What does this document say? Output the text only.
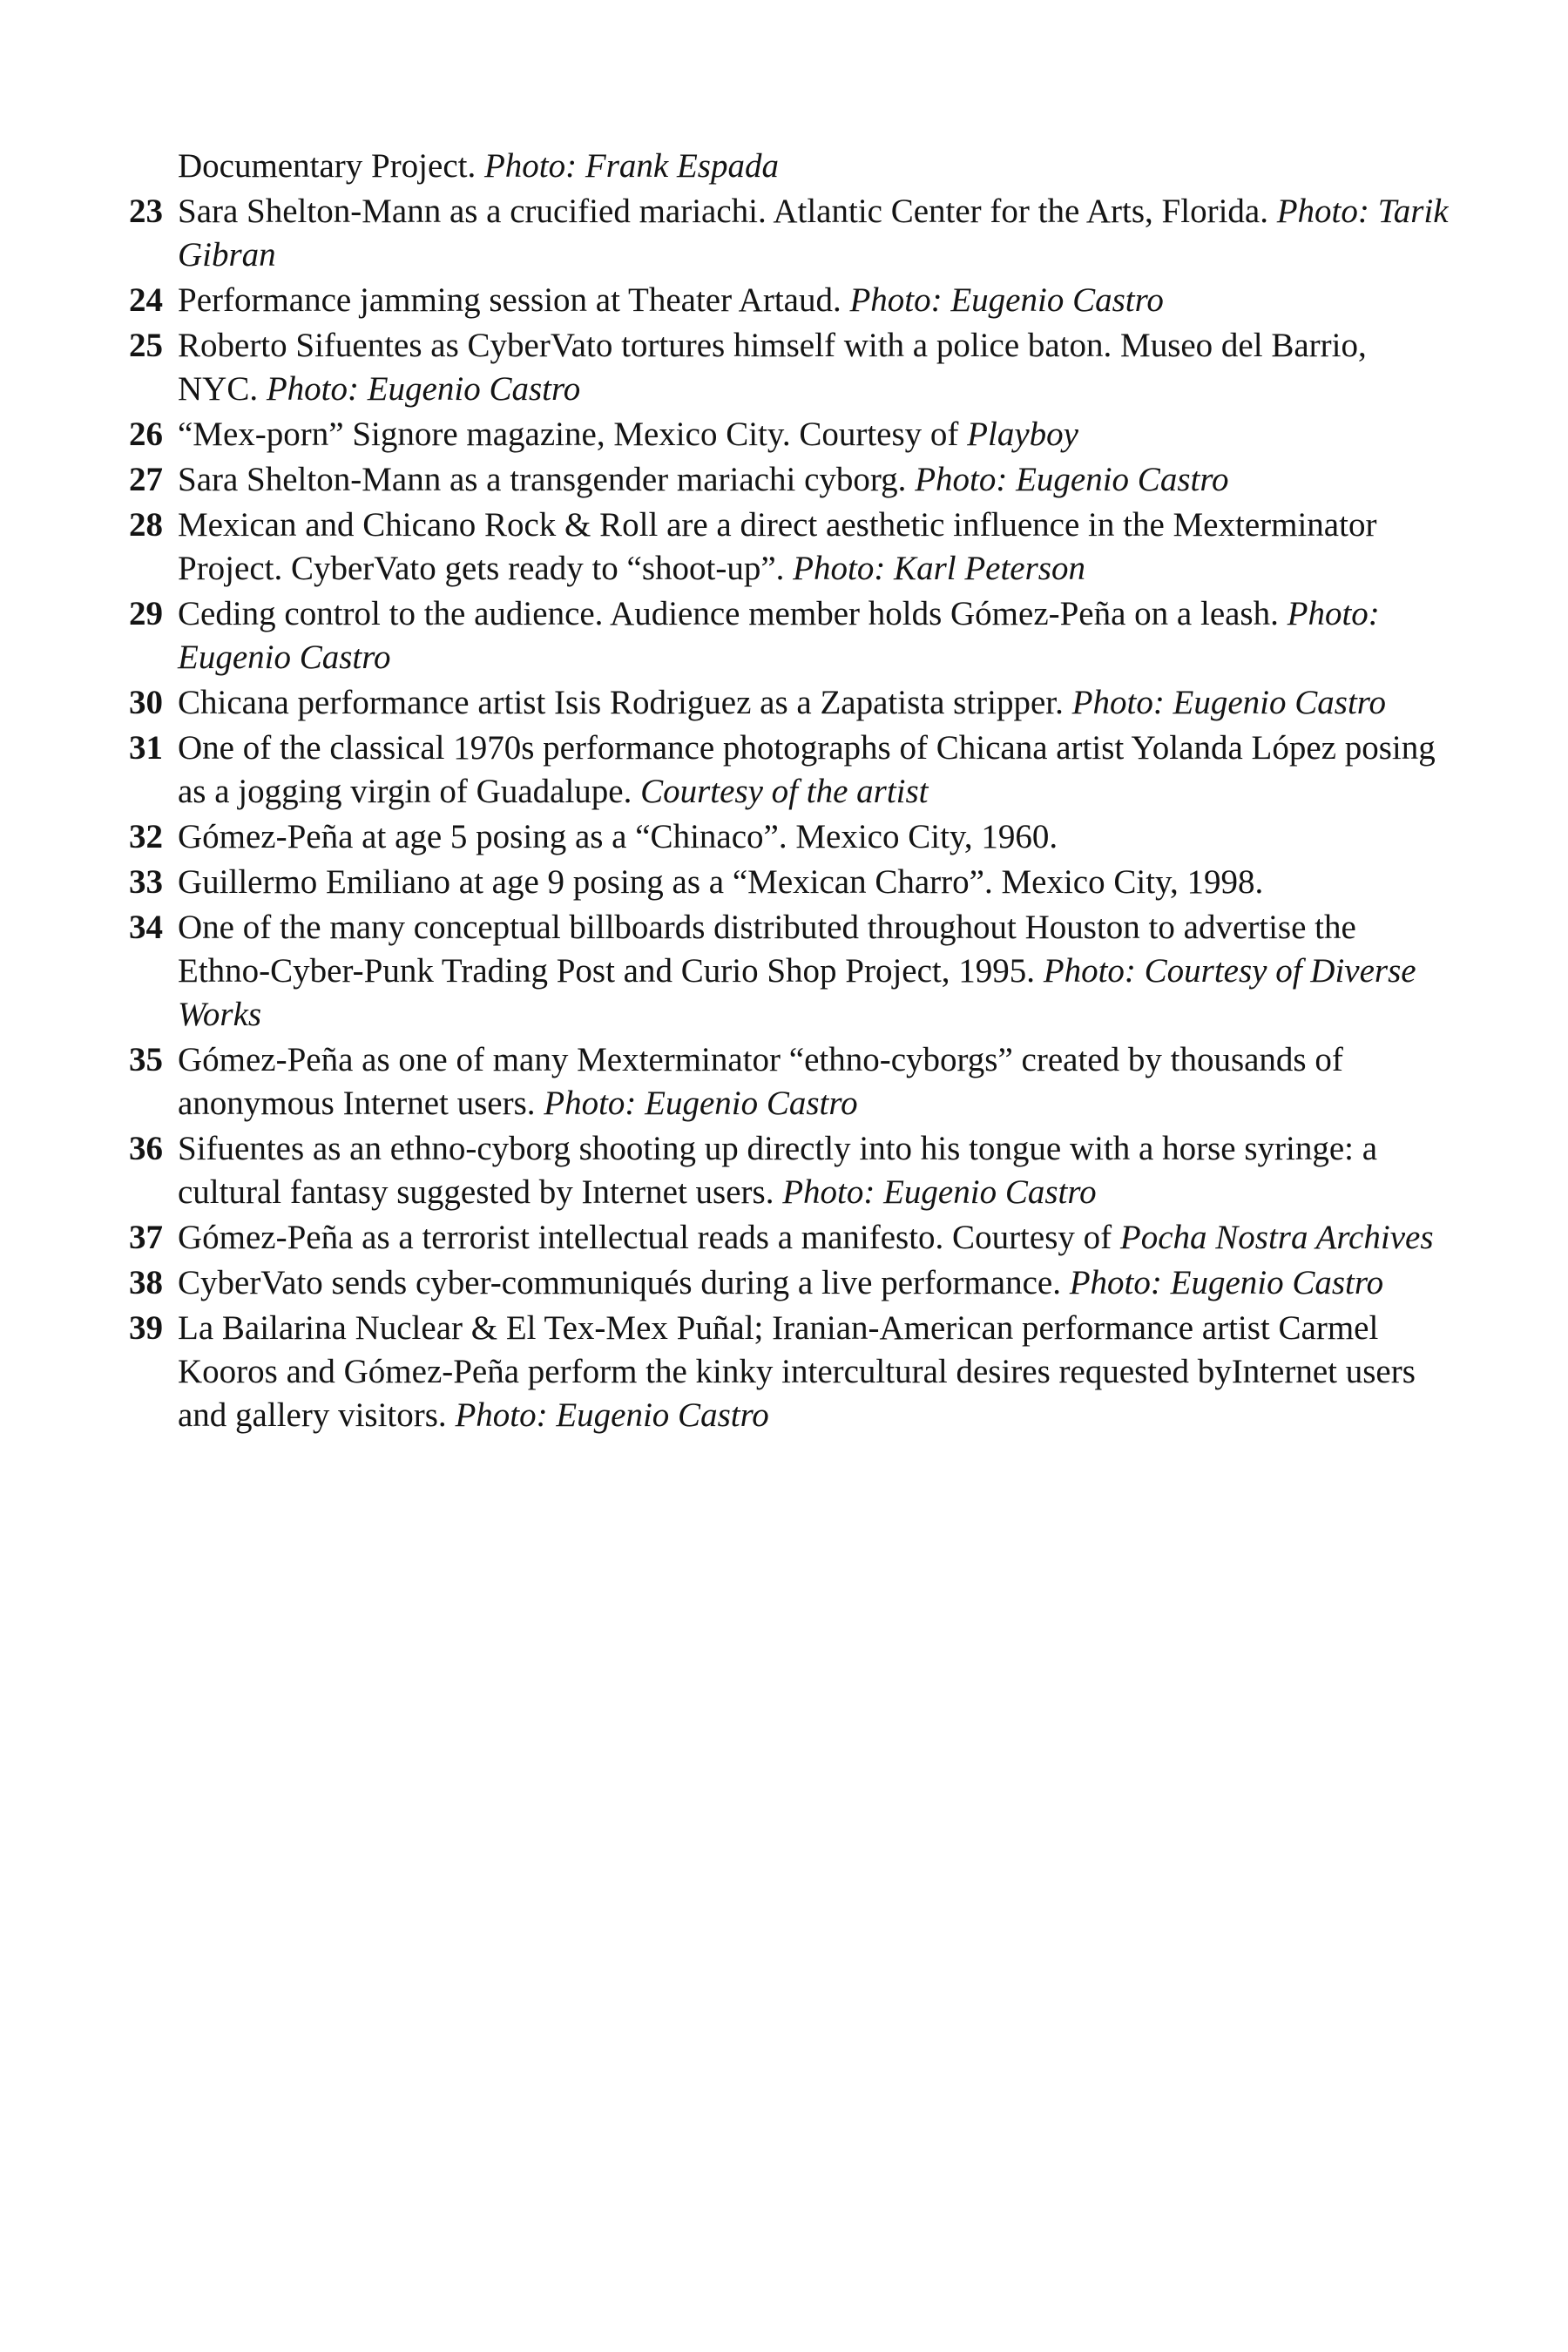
Documentary Project. Photo: Frank Espada
23 Sara Shelton-Mann as a crucified mariachi. Atlantic Center for the Arts, Florida. Photo: Tarik Gibran
24 Performance jamming session at Theater Artaud. Photo: Eugenio Castro
25 Roberto Sifuentes as CyberVato tortures himself with a police baton. Museo del Barrio, NYC. Photo: Eugenio Castro
26 “Mex-porn” Signore magazine, Mexico City. Courtesy of Playboy
27 Sara Shelton-Mann as a transgender mariachi cyborg. Photo: Eugenio Castro
28 Mexican and Chicano Rock & Roll are a direct aesthetic influence in the Mexterminator Project. CyberVato gets ready to “shoot-up”. Photo: Karl Peterson
29 Ceding control to the audience. Audience member holds Gómez-Peña on a leash. Photo: Eugenio Castro
30 Chicana performance artist Isis Rodriguez as a Zapatista stripper. Photo: Eugenio Castro
31 One of the classical 1970s performance photographs of Chicana artist Yolanda López posing as a jogging virgin of Guadalupe. Courtesy of the artist
32 Gómez-Peña at age 5 posing as a “Chinaco”. Mexico City, 1960.
33 Guillermo Emiliano at age 9 posing as a “Mexican Charro”. Mexico City, 1998.
34 One of the many conceptual billboards distributed throughout Houston to advertise the Ethno-Cyber-Punk Trading Post and Curio Shop Project, 1995. Photo: Courtesy of Diverse Works
35 Gómez-Peña as one of many Mexterminator “ethno-cyborgs” created by thousands of anonymous Internet users. Photo: Eugenio Castro
36 Sifuentes as an ethno-cyborg shooting up directly into his tongue with a horse syringe: a cultural fantasy suggested by Internet users. Photo: Eugenio Castro
37 Gómez-Peña as a terrorist intellectual reads a manifesto. Courtesy of Pocha Nostra Archives
38 CyberVato sends cyber-communiqués during a live performance. Photo: Eugenio Castro
39 La Bailarina Nuclear & El Tex-Mex Puñal; Iranian-American performance artist Carmel Kooros and Gómez-Peña perform the kinky intercultural desires requested byInternet users and gallery visitors. Photo: Eugenio Castro
